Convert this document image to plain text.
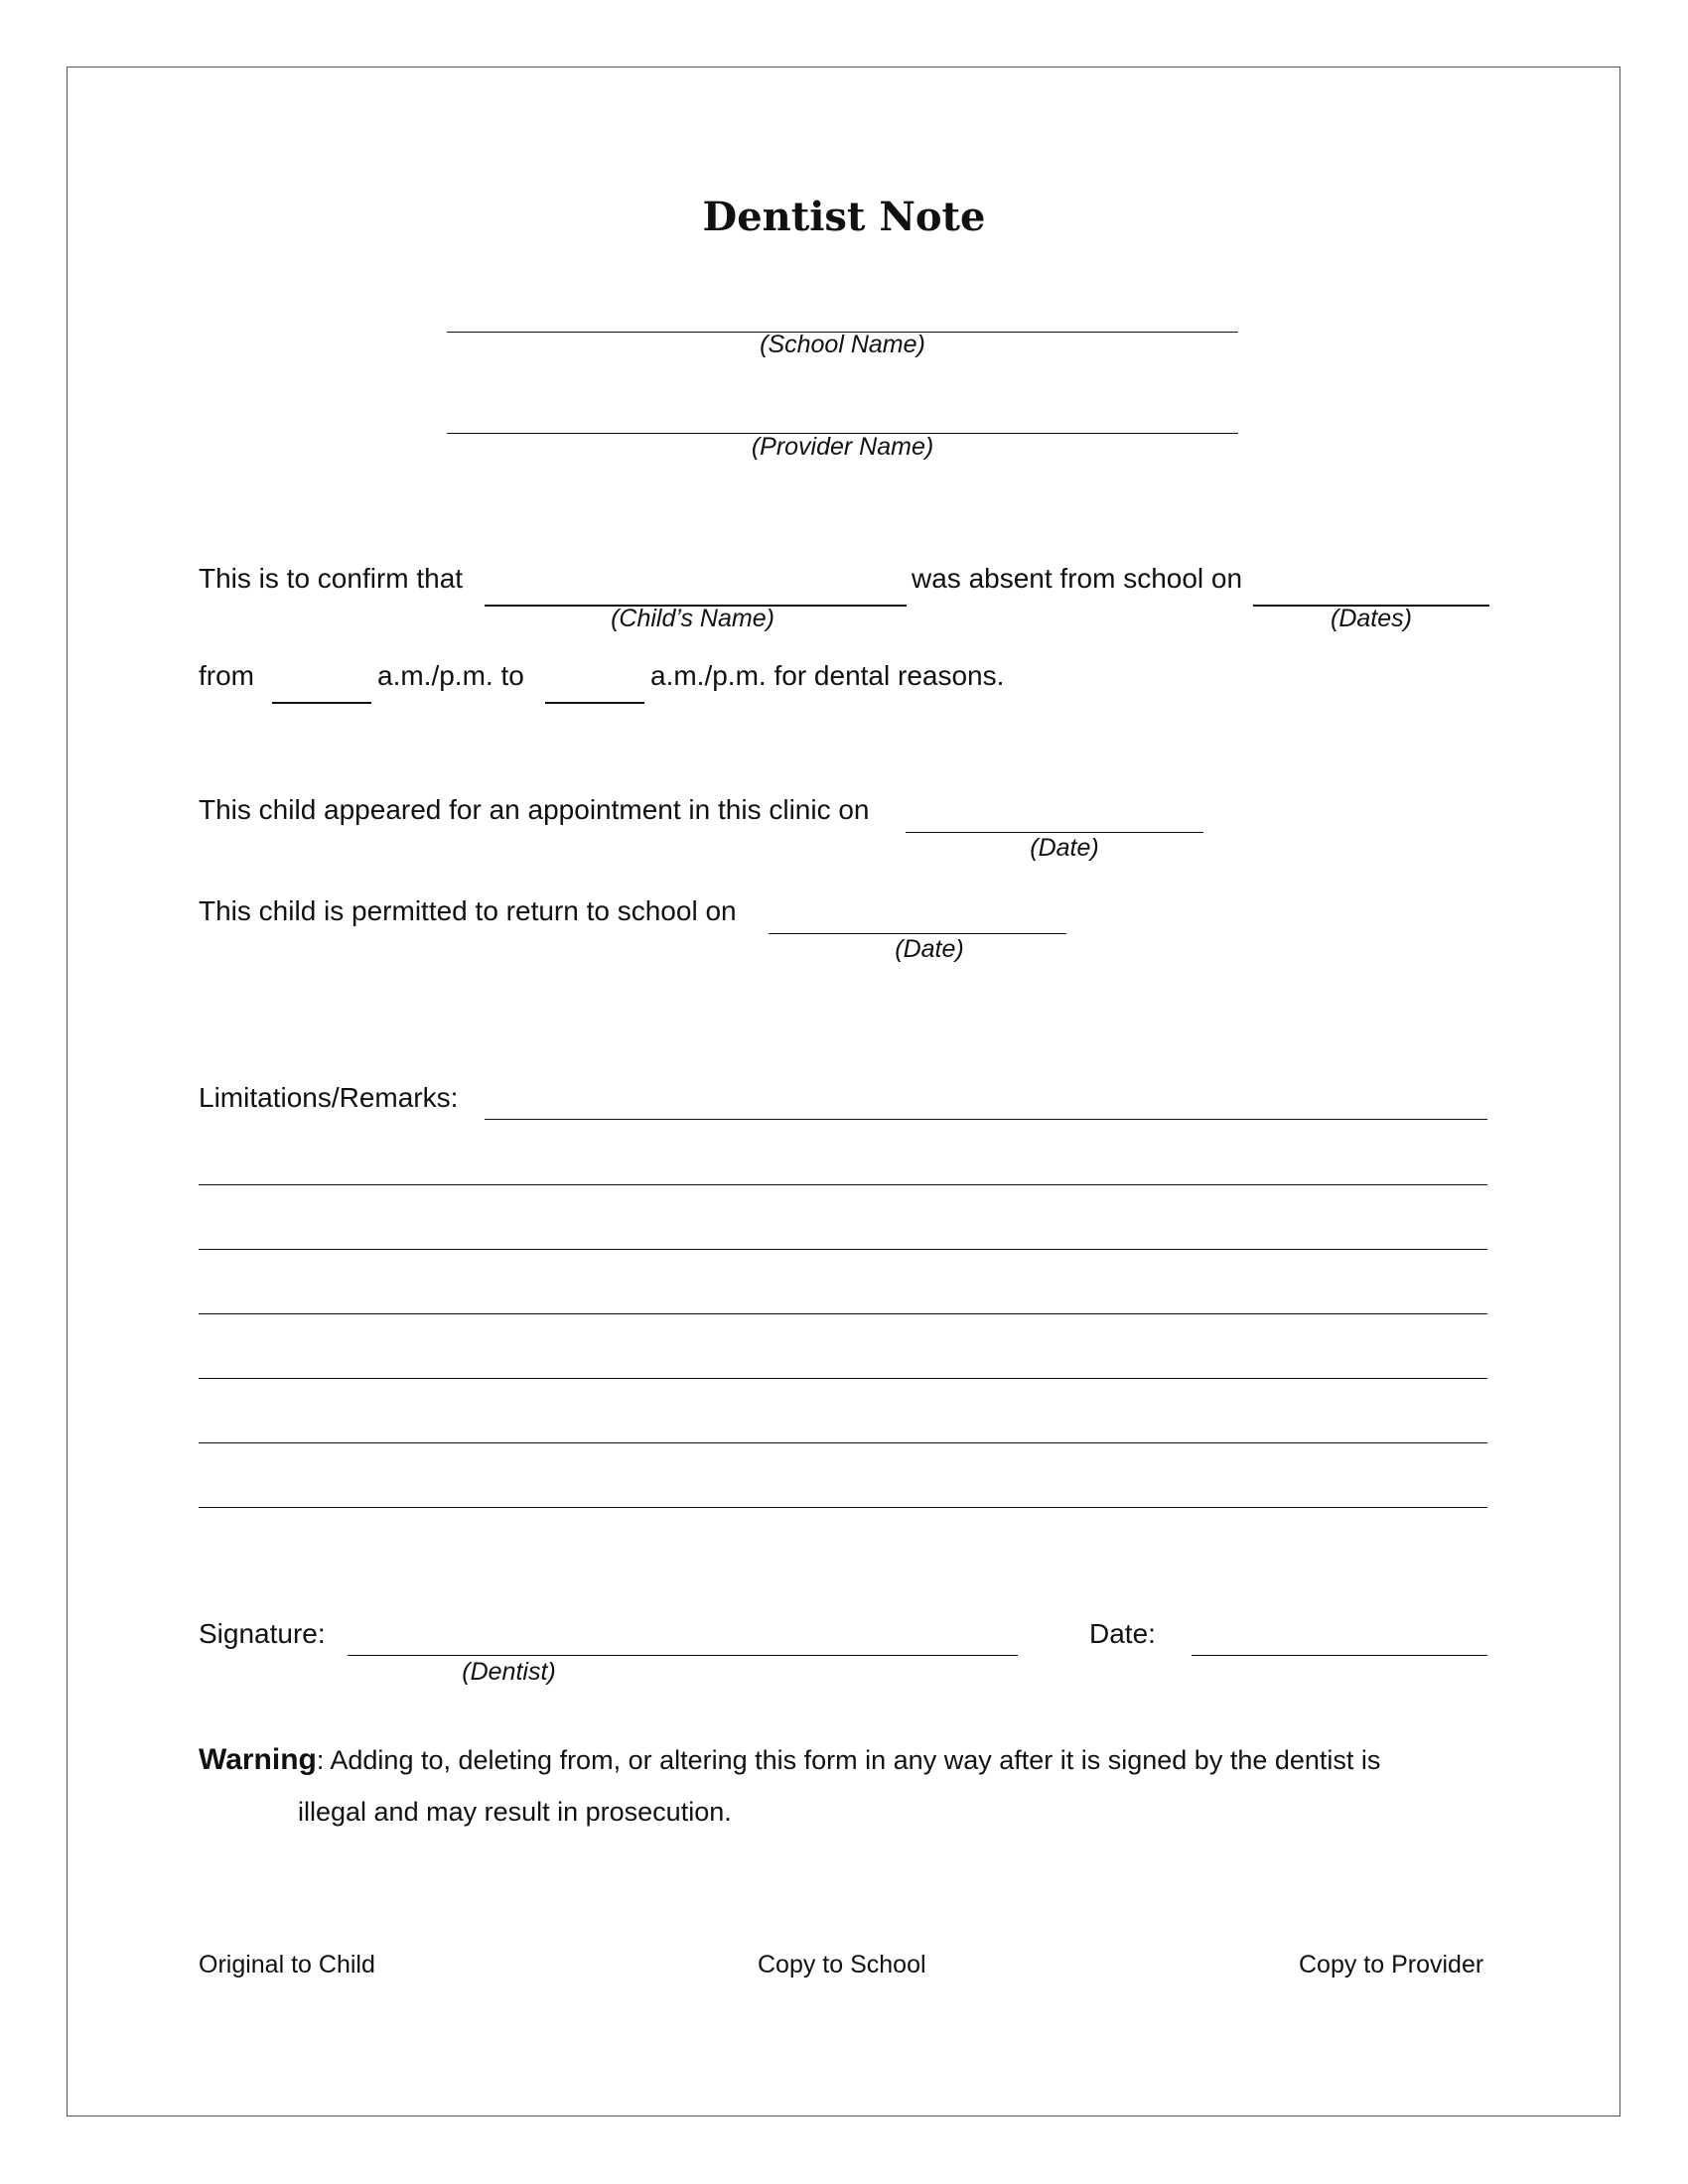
Dentist Note
(School Name)
(Provider Name)
This is to confirm that
(Child’s Name)
was absent from school on
(Dates)
from	a.m./p.m. to	a.m./p.m. for dental reasons.
This child appeared for an appointment in this clinic on
(Date)
This child is permitted to return to school on
(Date)
Limitations/Remarks:
Signature:
(Dentist)
Date:
Warning: Adding to, deleting from, or altering this form in any way after it is signed by the dentist is
illegal and may result in prosecution.
Original to Child	Copy to School	Copy to Provider
